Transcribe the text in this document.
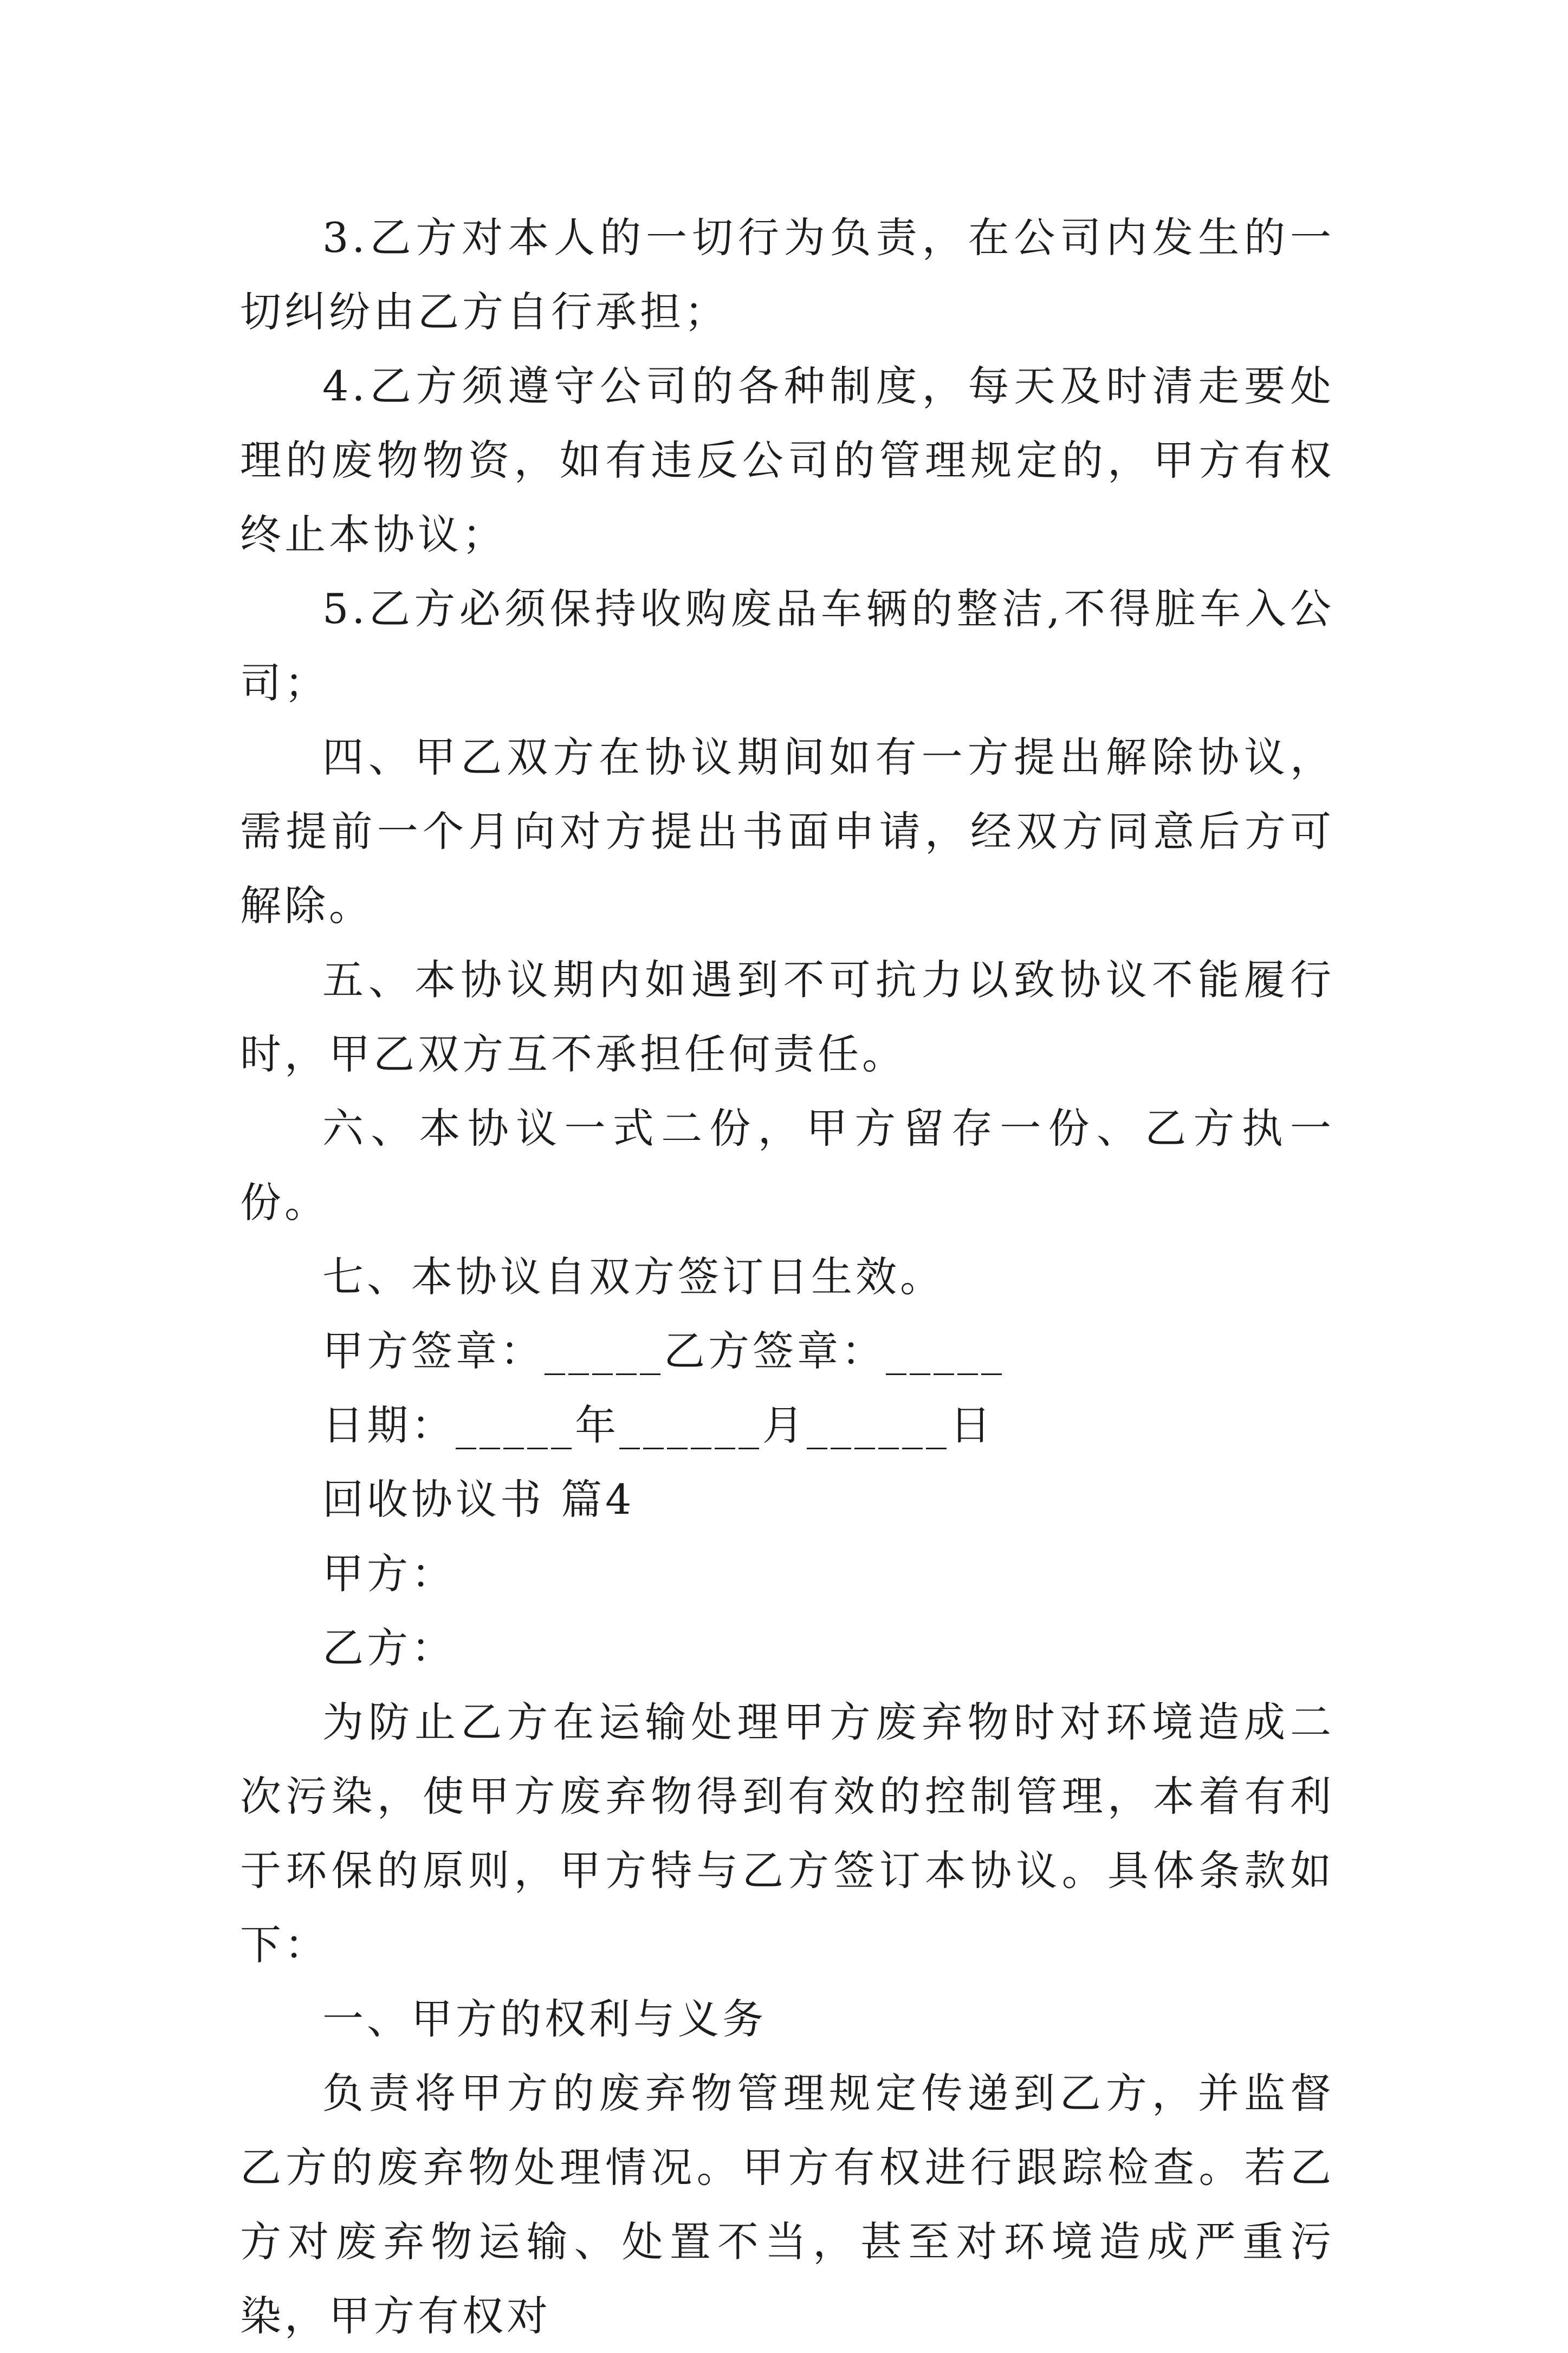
3.乙方对本人的一切行为负责，在公司内发生的一切纠纷由乙方自行承担；

4.乙方须遵守公司的各种制度，每天及时清走要处理的废物物资，如有违反公司的管理规定的，甲方有权终止本协议；

5.乙方必须保持收购废品车辆的整洁,不得脏车入公司；

四、甲乙双方在协议期间如有一方提出解除协议，需提前一个月向对方提出书面申请，经双方同意后方可解除。

五、本协议期内如遇到不可抗力以致协议不能履行时，甲乙双方互不承担任何责任。

六、本协议一式二份，甲方留存一份、乙方执一份。

七、本协议自双方签订日生效。

甲方签章：_____乙方签章：_____

日期：_____年______月______日

回收协议书 篇4

甲方：

乙方：

为防止乙方在运输处理甲方废弃物时对环境造成二次污染，使甲方废弃物得到有效的控制管理，本着有利于环保的原则，甲方特与乙方签订本协议。具体条款如下：

一、甲方的权利与义务

负责将甲方的废弃物管理规定传递到乙方，并监督乙方的废弃物处理情况。甲方有权进行跟踪检查。若乙方对废弃物运输、处置不当，甚至对环境造成严重污染，甲方有权对
